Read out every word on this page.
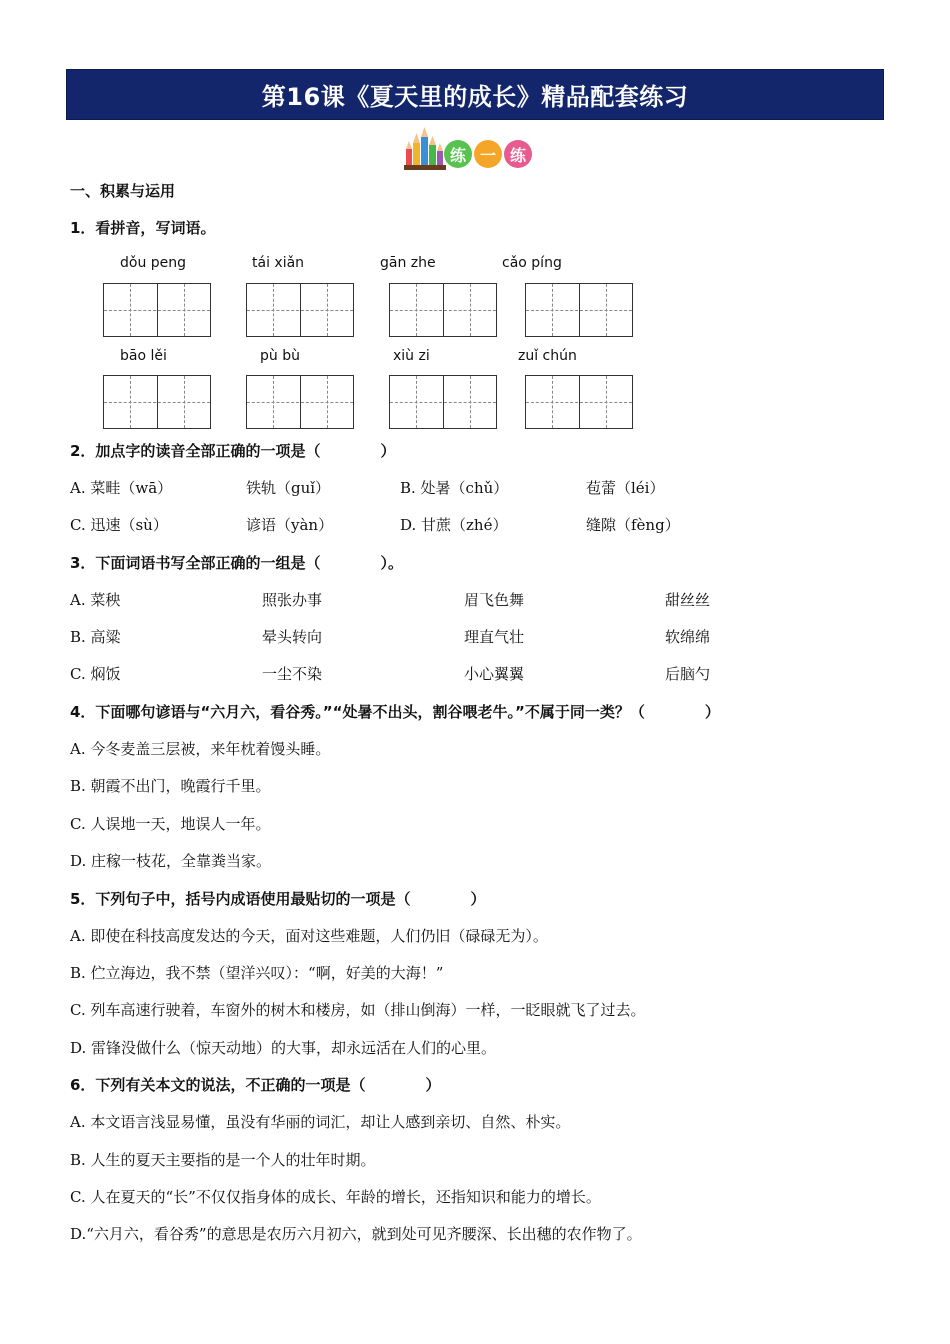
第16课《夏天里的成长》精品配套练习
练 一 练
一、积累与运用
1．看拼音，写词语。
dǒu peng	tái xiǎn	gān zhe	cǎo píng
bāo lěi	pù bù	xiù zi	zuǐ chún
2．加点字的读音全部正确的一项是（　　　　）
A. 菜畦（wā）	铁轨（guǐ）	B. 处暑（chǔ）	苞蕾（léi）
C. 迅速（sù）	谚语（yàn）	D. 甘蔗（zhé）	缝隙（fèng）
3．下面词语书写全部正确的一组是（　　　　）。
A. 菜秧	照张办事	眉飞色舞	甜丝丝
B. 高粱	晕头转向	理直气壮	软绵绵
C. 焖饭	一尘不染	小心翼翼	后脑勺
4．下面哪句谚语与“六月六，看谷秀。”“处暑不出头，割谷喂老牛。”不属于同一类？（　　　　）
A. 今冬麦盖三层被，来年枕着馒头睡。
B. 朝霞不出门，晚霞行千里。
C. 人误地一天，地误人一年。
D. 庄稼一枝花，全靠粪当家。
5．下列句子中，括号内成语使用最贴切的一项是（　　　　）
A. 即使在科技高度发达的今天，面对这些难题，人们仍旧（碌碌无为）。
B. 伫立海边，我不禁（望洋兴叹）：“啊，好美的大海！”
C. 列车高速行驶着，车窗外的树木和楼房，如（排山倒海）一样，一眨眼就飞了过去。
D. 雷锋没做什么（惊天动地）的大事，却永远活在人们的心里。
6．下列有关本文的说法，不正确的一项是（　　　　）
A. 本文语言浅显易懂，虽没有华丽的词汇，却让人感到亲切、自然、朴实。
B. 人生的夏天主要指的是一个人的壮年时期。
C. 人在夏天的“长”不仅仅指身体的成长、年龄的增长，还指知识和能力的增长。
D.“六月六，看谷秀”的意思是农历六月初六，就到处可见齐腰深、长出穗的农作物了。
